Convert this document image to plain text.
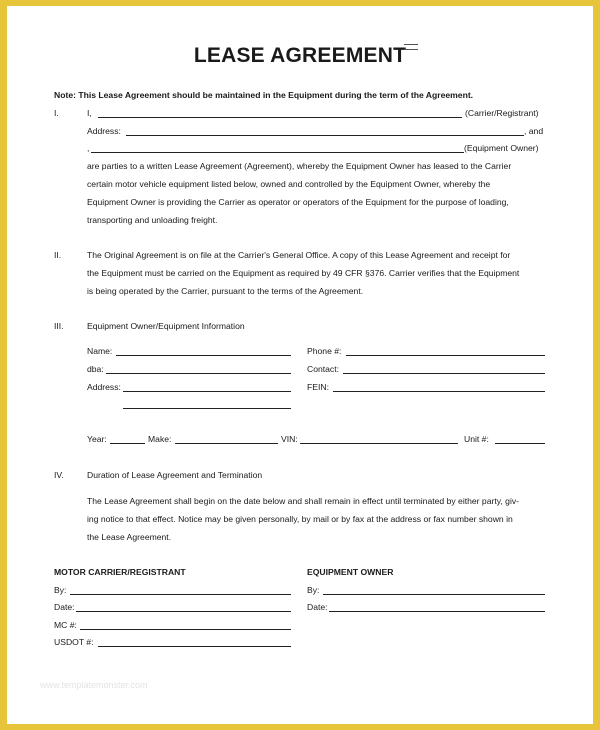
LEASE AGREEMENT
Note: This Lease Agreement should be maintained in the Equipment during the term of the Agreement.
I.	I,	(Carrier/Registrant)
Address:	, and
,	(Equipment Owner)
are parties to a written Lease Agreement (Agreement), whereby the Equipment Owner has leased to the Carrier
certain motor vehicle equipment listed below, owned and controlled by the Equipment Owner, whereby the
Equipment Owner is providing the Carrier as operator or operators of the Equipment for the purpose of loading,
transporting and unloading freight.
II.	The Original Agreement is on file at the Carrier's General Office. A copy of this Lease Agreement and receipt for
the Equipment must be carried on the Equipment as required by 49 CFR §376. Carrier verifies that the Equipment
is being operated by the Carrier, pursuant to the terms of the Agreement.
III.	Equipment Owner/Equipment Information
Name:	Phone #:
dba:	Contact:
Address:	FEIN:
Year:	Make:	VIN:	Unit #:
IV.	Duration of Lease Agreement and Termination
The Lease Agreement shall begin on the date below and shall remain in effect until terminated by either party, giv-
ing notice to that effect. Notice may be given personally, by mail or by fax at the address or fax number shown in
the Lease Agreement.
MOTOR CARRIER/REGISTRANT	EQUIPMENT OWNER
By:	By:
Date:	Date:
MC #:
USDOT #:
www.templatemonster.com
